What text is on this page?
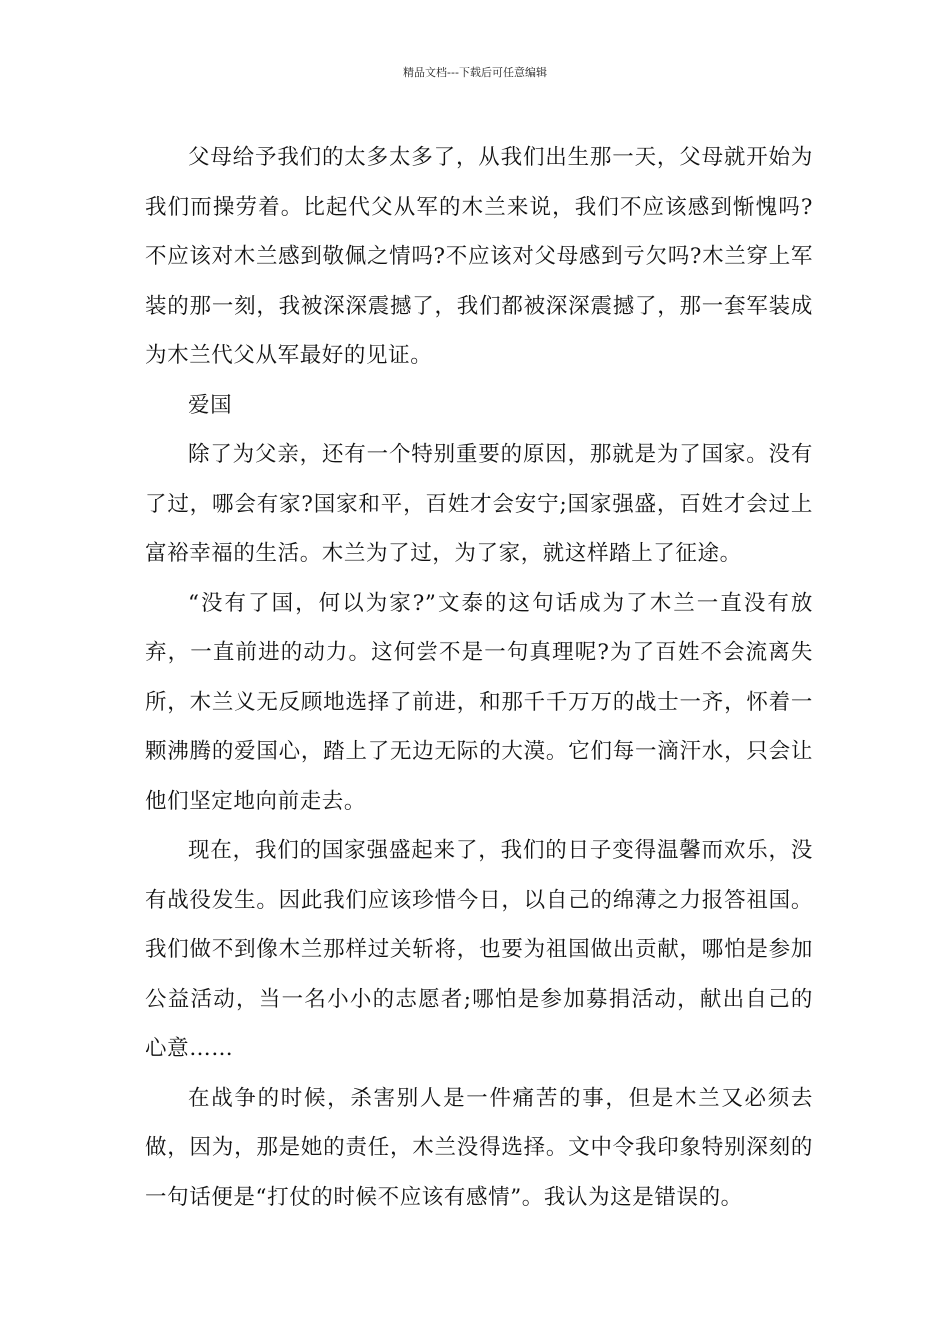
精品文档---下载后可任意编辑

父母给予我们的太多太多了，从我们出生那一天，父母就开始为我们而操劳着。比起代父从军的木兰来说，我们不应该感到惭愧吗?不应该对木兰感到敬佩之情吗?不应该对父母感到亏欠吗?木兰穿上军装的那一刻，我被深深震撼了，我们都被深深震撼了，那一套军装成为木兰代父从军最好的见证。

爱国

除了为父亲，还有一个特别重要的原因，那就是为了国家。没有了过，哪会有家?国家和平，百姓才会安宁;国家强盛，百姓才会过上富裕幸福的生活。木兰为了过，为了家，就这样踏上了征途。

“没有了国，何以为家?”文泰的这句话成为了木兰一直没有放弃，一直前进的动力。这何尝不是一句真理呢?为了百姓不会流离失所，木兰义无反顾地选择了前进，和那千千万万的战士一齐，怀着一颗沸腾的爱国心，踏上了无边无际的大漠。它们每一滴汗水，只会让他们坚定地向前走去。

现在，我们的国家强盛起来了，我们的日子变得温馨而欢乐，没有战役发生。因此我们应该珍惜今日，以自己的绵薄之力报答祖国。我们做不到像木兰那样过关斩将，也要为祖国做出贡献，哪怕是参加公益活动，当一名小小的志愿者;哪怕是参加募捐活动，献出自己的心意……

在战争的时候，杀害别人是一件痛苦的事，但是木兰又必须去做，因为，那是她的责任，木兰没得选择。文中令我印象特别深刻的一句话便是“打仗的时候不应该有感情”。我认为这是错误的。
